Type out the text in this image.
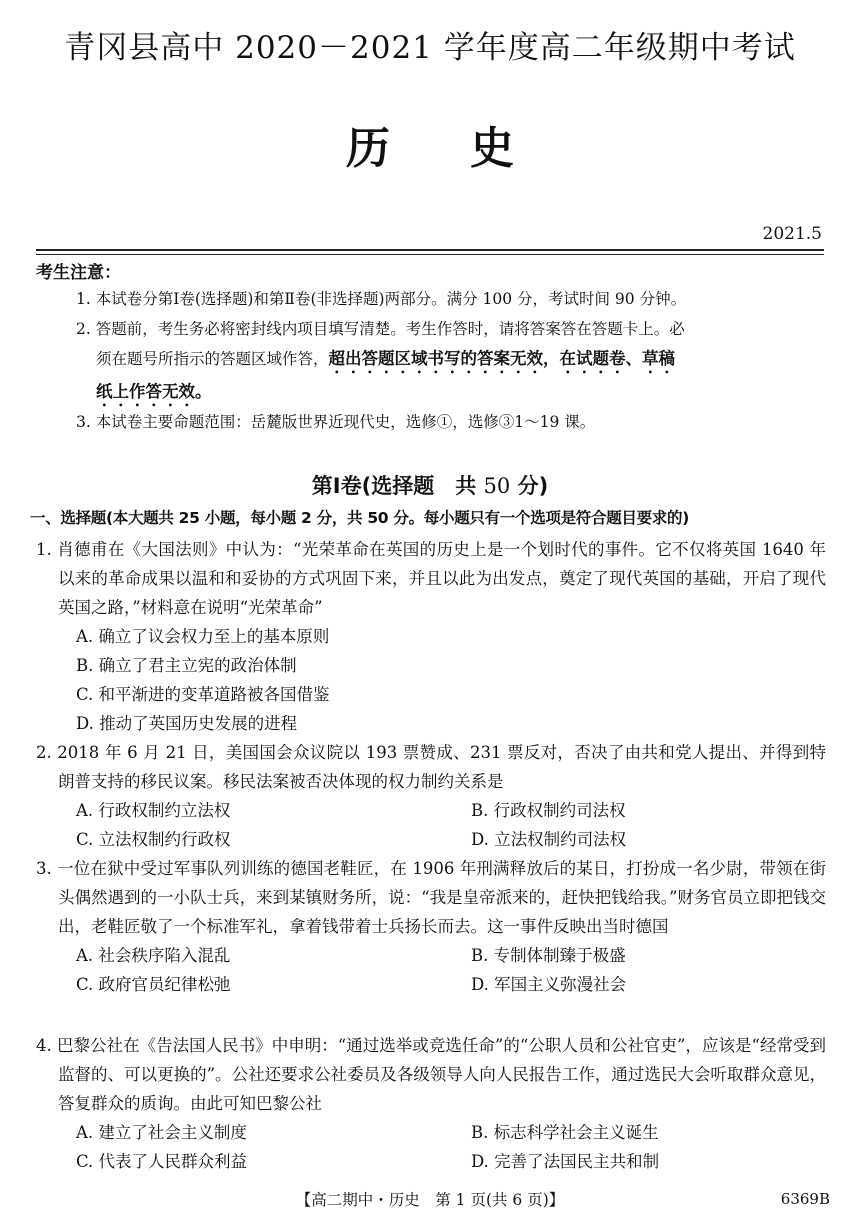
青冈县高中 2020－2021 学年度高二年级期中考试
历史
2021.5
考生注意：
1. 本试卷分第Ⅰ卷(选择题)和第Ⅱ卷(非选择题)两部分。满分 100 分，考试时间 90 分钟。
2. 答题前，考生务必将密封线内项目填写清楚。考生作答时，请将答案答在答题卡上。必
须在题号所指示的答题区域作答，超出答题区域书写的答案无效，在试题卷、草稿
纸上作答无效。
3. 本试卷主要命题范围：岳麓版世界近现代史，选修①，选修③1～19 课。
第Ⅰ卷(选择题　共 50 分)
一、选择题(本大题共 25 小题，每小题 2 分，共 50 分。每小题只有一个选项是符合题目要求的)
1. 肖德甫在《大国法则》中认为：“光荣革命在英国的历史上是一个划时代的事件。它不仅将英国 1640 年以来的革命成果以温和和妥协的方式巩固下来，并且以此为出发点，奠定了现代英国的基础，开启了现代英国之路，”材料意在说明“光荣革命”
A. 确立了议会权力至上的基本原则
B. 确立了君主立宪的政治体制
C. 和平渐进的变革道路被各国借鉴
D. 推动了英国历史发展的进程
2. 2018 年 6 月 21 日，美国国会众议院以 193 票赞成、231 票反对，否决了由共和党人提出、并得到特朗普支持的移民议案。移民法案被否决体现的权力制约关系是
A. 行政权制约立法权	B. 行政权制约司法权
C. 立法权制约行政权	D. 立法权制约司法权
3. 一位在狱中受过军事队列训练的德国老鞋匠，在 1906 年刑满释放后的某日，打扮成一名少尉，带领在街头偶然遇到的一小队士兵，来到某镇财务所，说：“我是皇帝派来的，赶快把钱给我。”财务官员立即把钱交出，老鞋匠敬了一个标准军礼，拿着钱带着士兵扬长而去。这一事件反映出当时德国
A. 社会秩序陷入混乱	B. 专制体制臻于极盛
C. 政府官员纪律松弛	D. 军国主义弥漫社会
4. 巴黎公社在《告法国人民书》中申明：“通过选举或竞选任命”的“公职人员和公社官吏”，应该是“经常受到监督的、可以更换的”。公社还要求公社委员及各级领导人向人民报告工作，通过选民大会听取群众意见，答复群众的质询。由此可知巴黎公社
A. 建立了社会主义制度	B. 标志科学社会主义诞生
C. 代表了人民群众利益	D. 完善了法国民主共和制
【高二期中・历史　第 1 页(共 6 页)】	6369B
